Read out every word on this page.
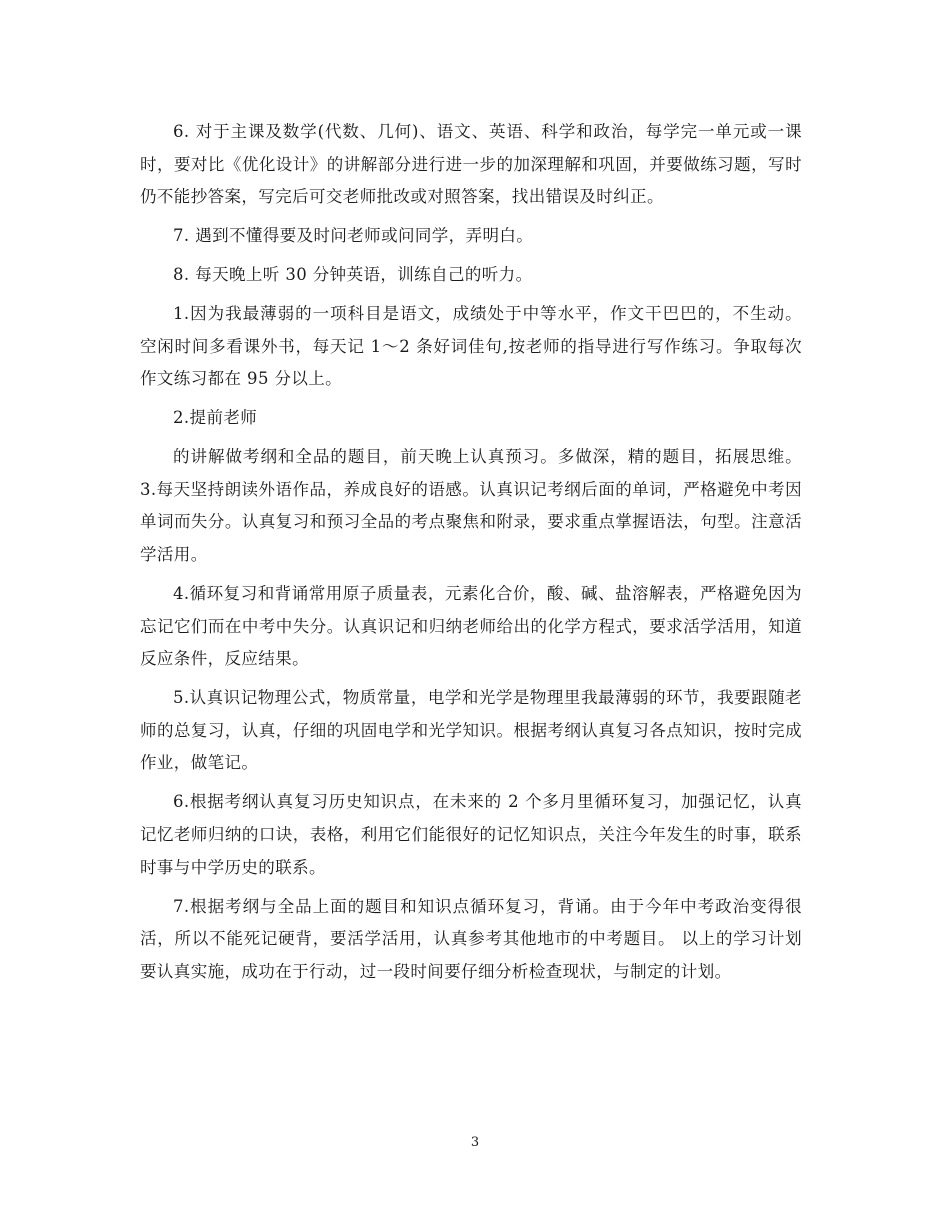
6. 对于主课及数学(代数、几何)、语文、英语、科学和政治，每学完一单元或一课时，要对比《优化设计》的讲解部分进行进一步的加深理解和巩固，并要做练习题，写时仍不能抄答案，写完后可交老师批改或对照答案，找出错误及时纠正。

7. 遇到不懂得要及时问老师或问同学，弄明白。

8. 每天晚上听 30 分钟英语，训练自己的听力。

1.因为我最薄弱的一项科目是语文，成绩处于中等水平，作文干巴巴的，不生动。 空闲时间多看课外书，每天记 1～2 条好词佳句,按老师的指导进行写作练习。争取每次作文练习都在 95 分以上。

2.提前老师

的讲解做考纲和全品的题目，前天晚上认真预习。多做深，精的题目，拓展思维。 3.每天坚持朗读外语作品，养成良好的语感。认真识记考纲后面的单词，严格避免中考因单词而失分。认真复习和预习全品的考点聚焦和附录，要求重点掌握语法，句型。注意活学活用。

4.循环复习和背诵常用原子质量表，元素化合价，酸、碱、盐溶解表，严格避免因为忘记它们而在中考中失分。认真识记和归纳老师给出的化学方程式，要求活学活用，知道反应条件，反应结果。

5.认真识记物理公式，物质常量，电学和光学是物理里我最薄弱的环节，我要跟随老师的总复习，认真，仔细的巩固电学和光学知识。根据考纲认真复习各点知识，按时完成作业，做笔记。

6.根据考纲认真复习历史知识点，在未来的 2 个多月里循环复习，加强记忆，认真记忆老师归纳的口诀，表格，利用它们能很好的记忆知识点，关注今年发生的时事，联系时事与中学历史的联系。

7.根据考纲与全品上面的题目和知识点循环复习，背诵。由于今年中考政治变得很活，所以不能死记硬背，要活学活用，认真参考其他地市的中考题目。 以上的学习计划要认真实施，成功在于行动，过一段时间要仔细分析检查现状，与制定的计划。

3
